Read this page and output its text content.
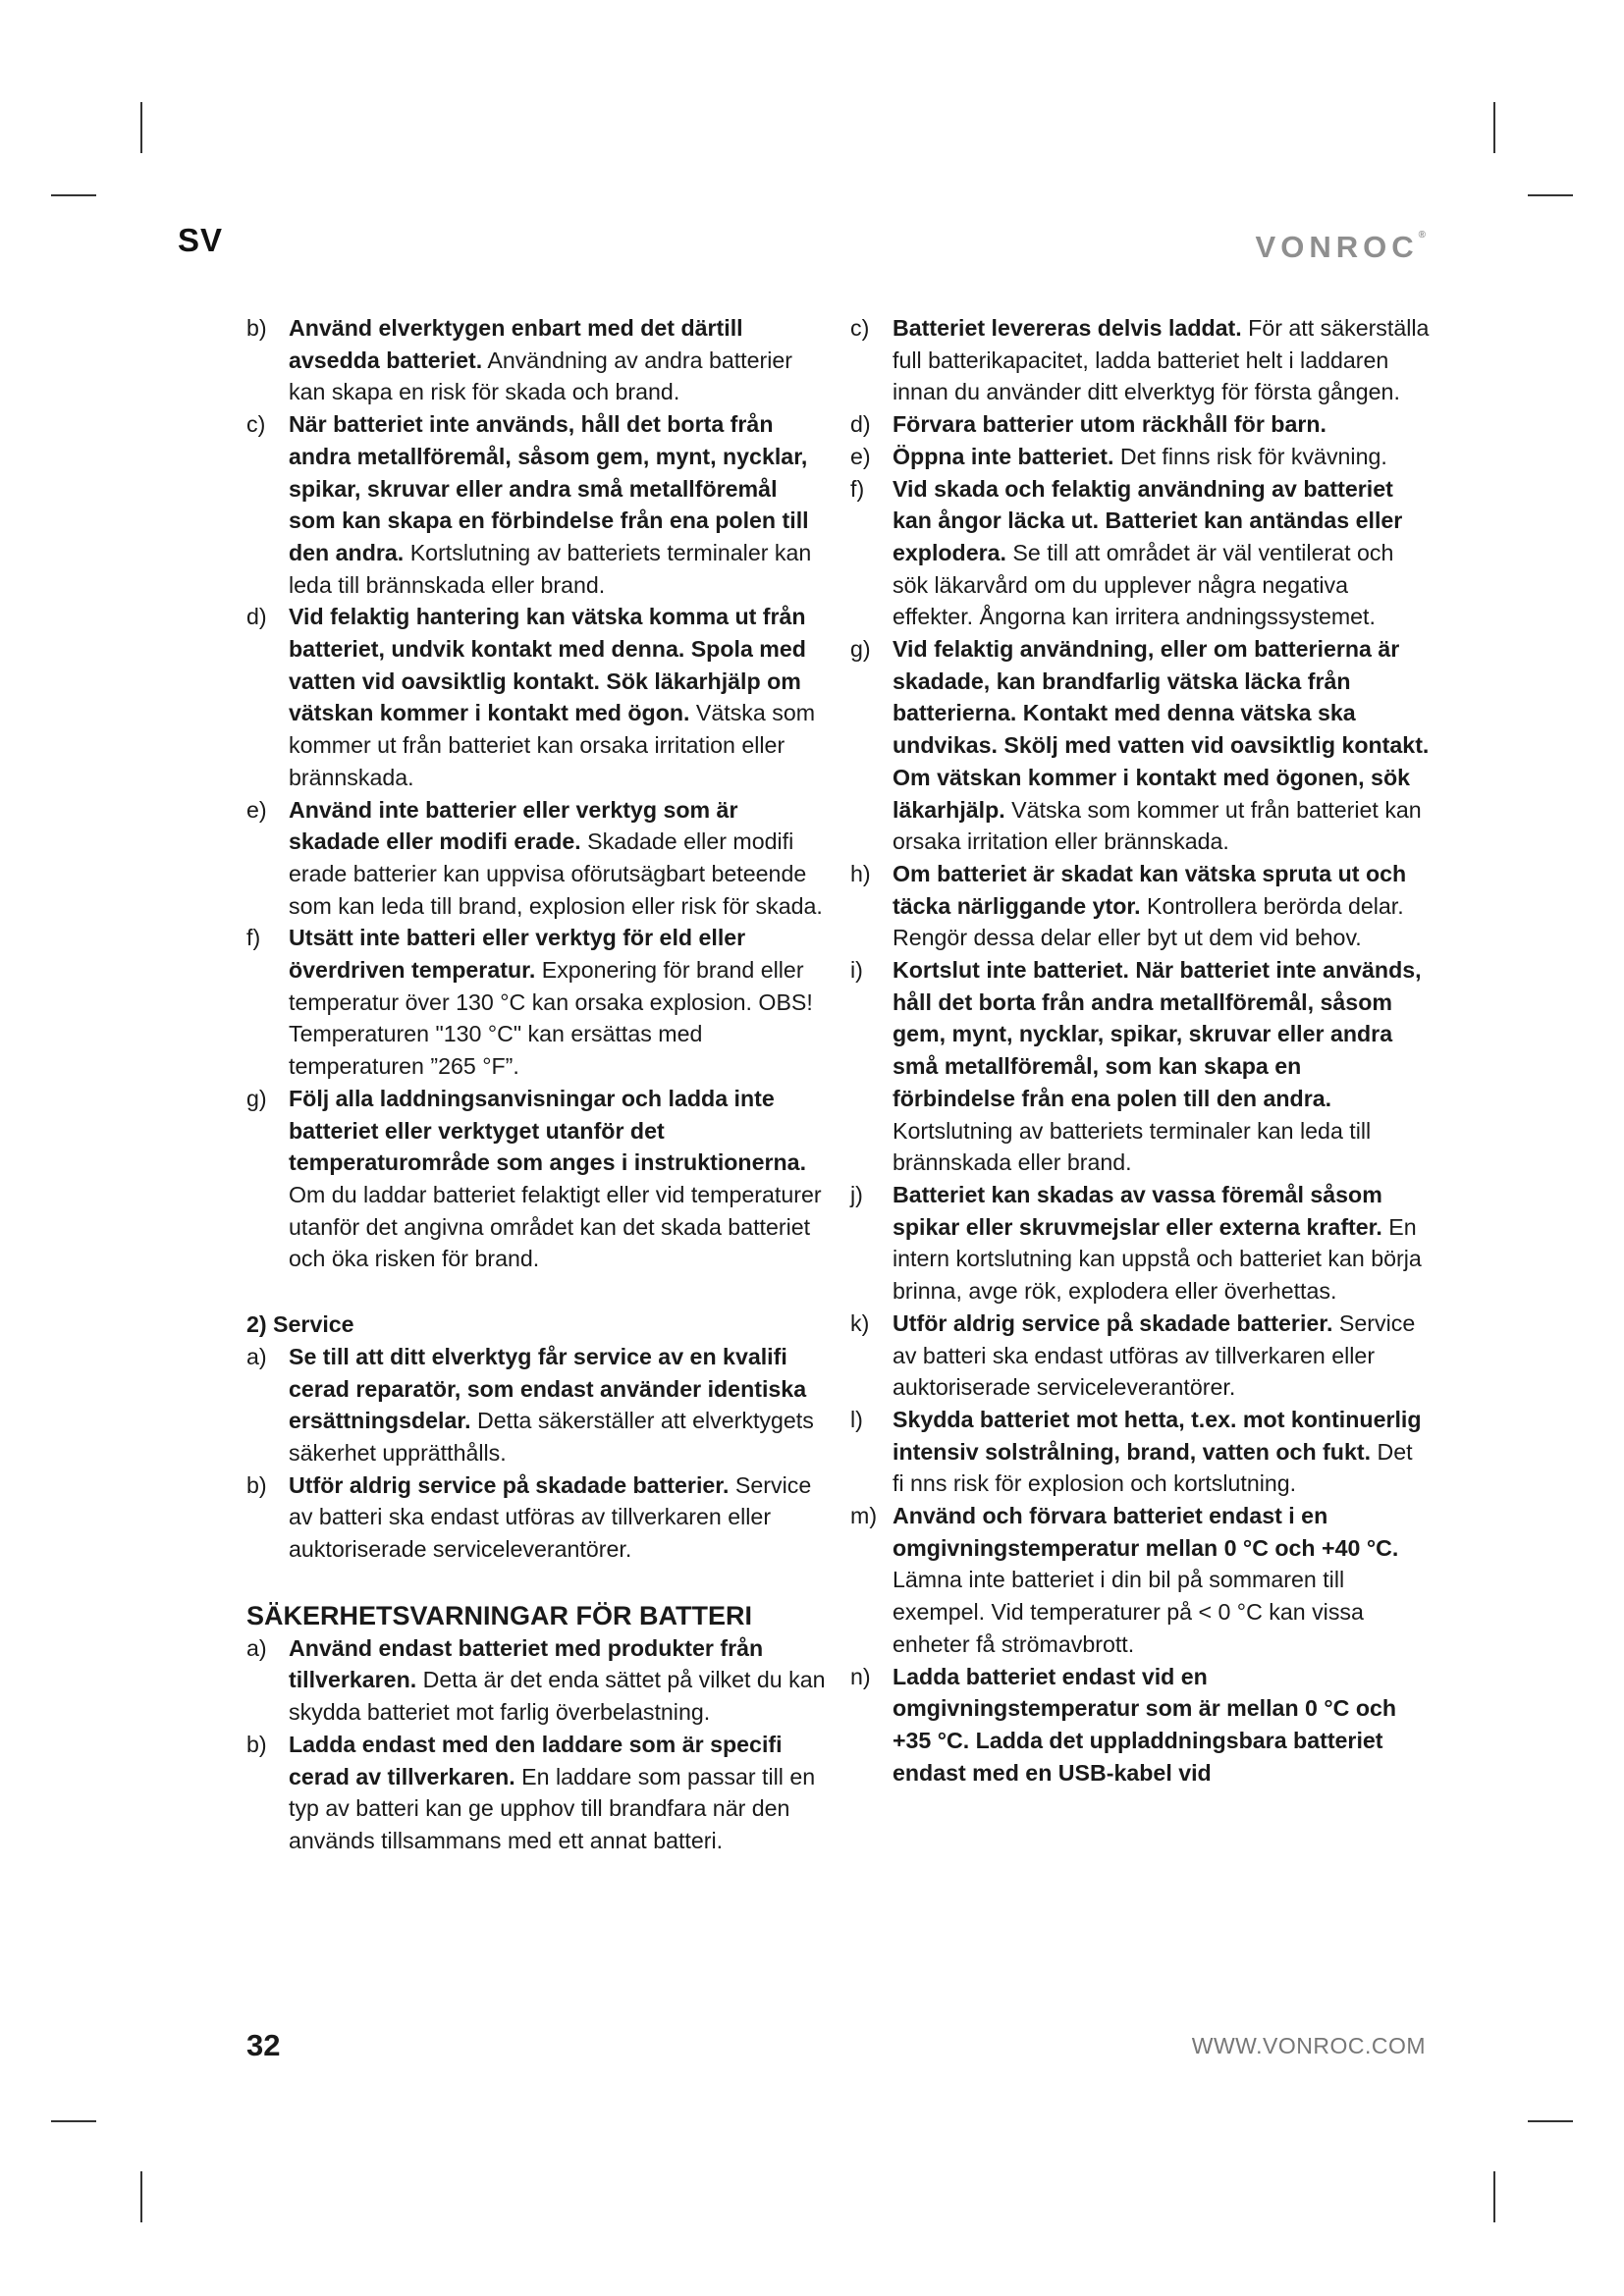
SV	VONROC®

b) Använd elverktygen enbart med det därtill avsedda batteriet. Användning av andra batterier kan skapa en risk för skada och brand.

c) När batteriet inte används, håll det borta från andra metallföremål, såsom gem, mynt, nycklar, spikar, skruvar eller andra små metallföremål som kan skapa en förbindelse från ena polen till den andra. Kortslutning av batteriets terminaler kan leda till brännskada eller brand.

d) Vid felaktig hantering kan vätska komma ut från batteriet, undvik kontakt med denna. Spola med vatten vid oavsiktlig kontakt. Sök läkarhjälp om vätskan kommer i kontakt med ögon. Vätska som kommer ut från batteriet kan orsaka irritation eller brännskada.

e) Använd inte batterier eller verktyg som är skadade eller modifi erade. Skadade eller modifi erade batterier kan uppvisa oförutsägbart beteende som kan leda till brand, explosion eller risk för skada.

f) Utsätt inte batteri eller verktyg för eld eller överdriven temperatur. Exponering för brand eller temperatur över 130 °C kan orsaka explosion. OBS! Temperaturen "130 °C" kan ersättas med temperaturen ”265 °F”.

g) Följ alla laddningsanvisningar och ladda inte batteriet eller verktyget utanför det temperaturområde som anges i instruktionerna. Om du laddar batteriet felaktigt eller vid temperaturer utanför det angivna området kan det skada batteriet och öka risken för brand.

2) Service

a) Se till att ditt elverktyg får service av en kvalifi cerad reparatör, som endast använder identiska ersättningsdelar. Detta säkerställer att elverktygets säkerhet upprätthålls.

b) Utför aldrig service på skadade batterier. Service av batteri ska endast utföras av tillverkaren eller auktoriserade serviceleverantörer.

SÄKERHETSVARNINGAR FÖR BATTERI

a) Använd endast batteriet med produkter från tillverkaren. Detta är det enda sättet på vilket du kan skydda batteriet mot farlig överbelastning.

b) Ladda endast med den laddare som är specifi cerad av tillverkaren. En laddare som passar till en typ av batteri kan ge upphov till brandfara när den används tillsammans med ett annat batteri.

c) Batteriet levereras delvis laddat. För att säkerställa full batterikapacitet, ladda batteriet helt i laddaren innan du använder ditt elverktyg för första gången.

d) Förvara batterier utom räckhåll för barn.

e) Öppna inte batteriet. Det finns risk för kvävning.

f) Vid skada och felaktig användning av batteriet kan ångor läcka ut. Batteriet kan antändas eller explodera. Se till att området är väl ventilerat och sök läkarvård om du upplever några negativa effekter. Ångorna kan irritera andningssystemet.

g) Vid felaktig användning, eller om batterierna är skadade, kan brandfarlig vätska läcka från batterierna. Kontakt med denna vätska ska undvikas. Skölj med vatten vid oavsiktlig kontakt. Om vätskan kommer i kontakt med ögonen, sök läkarhjälp. Vätska som kommer ut från batteriet kan orsaka irritation eller brännskada.

h) Om batteriet är skadat kan vätska spruta ut och täcka närliggande ytor. Kontrollera berörda delar. Rengör dessa delar eller byt ut dem vid behov.

i) Kortslut inte batteriet. När batteriet inte används, håll det borta från andra metallföremål, såsom gem, mynt, nycklar, spikar, skruvar eller andra små metallföremål, som kan skapa en förbindelse från ena polen till den andra. Kortslutning av batteriets terminaler kan leda till brännskada eller brand.

j) Batteriet kan skadas av vassa föremål såsom spikar eller skruvmejslar eller externa krafter. En intern kortslutning kan uppstå och batteriet kan börja brinna, avge rök, explodera eller överhettas.

k) Utför aldrig service på skadade batterier. Service av batteri ska endast utföras av tillverkaren eller auktoriserade serviceleverantörer.

l) Skydda batteriet mot hetta, t.ex. mot kontinuerlig intensiv solstrålning, brand, vatten och fukt. Det fi nns risk för explosion och kortslutning.

m) Använd och förvara batteriet endast i en omgivningstemperatur mellan 0 °C och +40 °C. Lämna inte batteriet i din bil på sommaren till exempel. Vid temperaturer på < 0 °C kan vissa enheter få strömavbrott.

n) Ladda batteriet endast vid en omgivningstemperatur som är mellan 0 °C och +35 °C. Ladda det uppladdningsbara batteriet endast med en USB-kabel vid

32	WWW.VONROC.COM
